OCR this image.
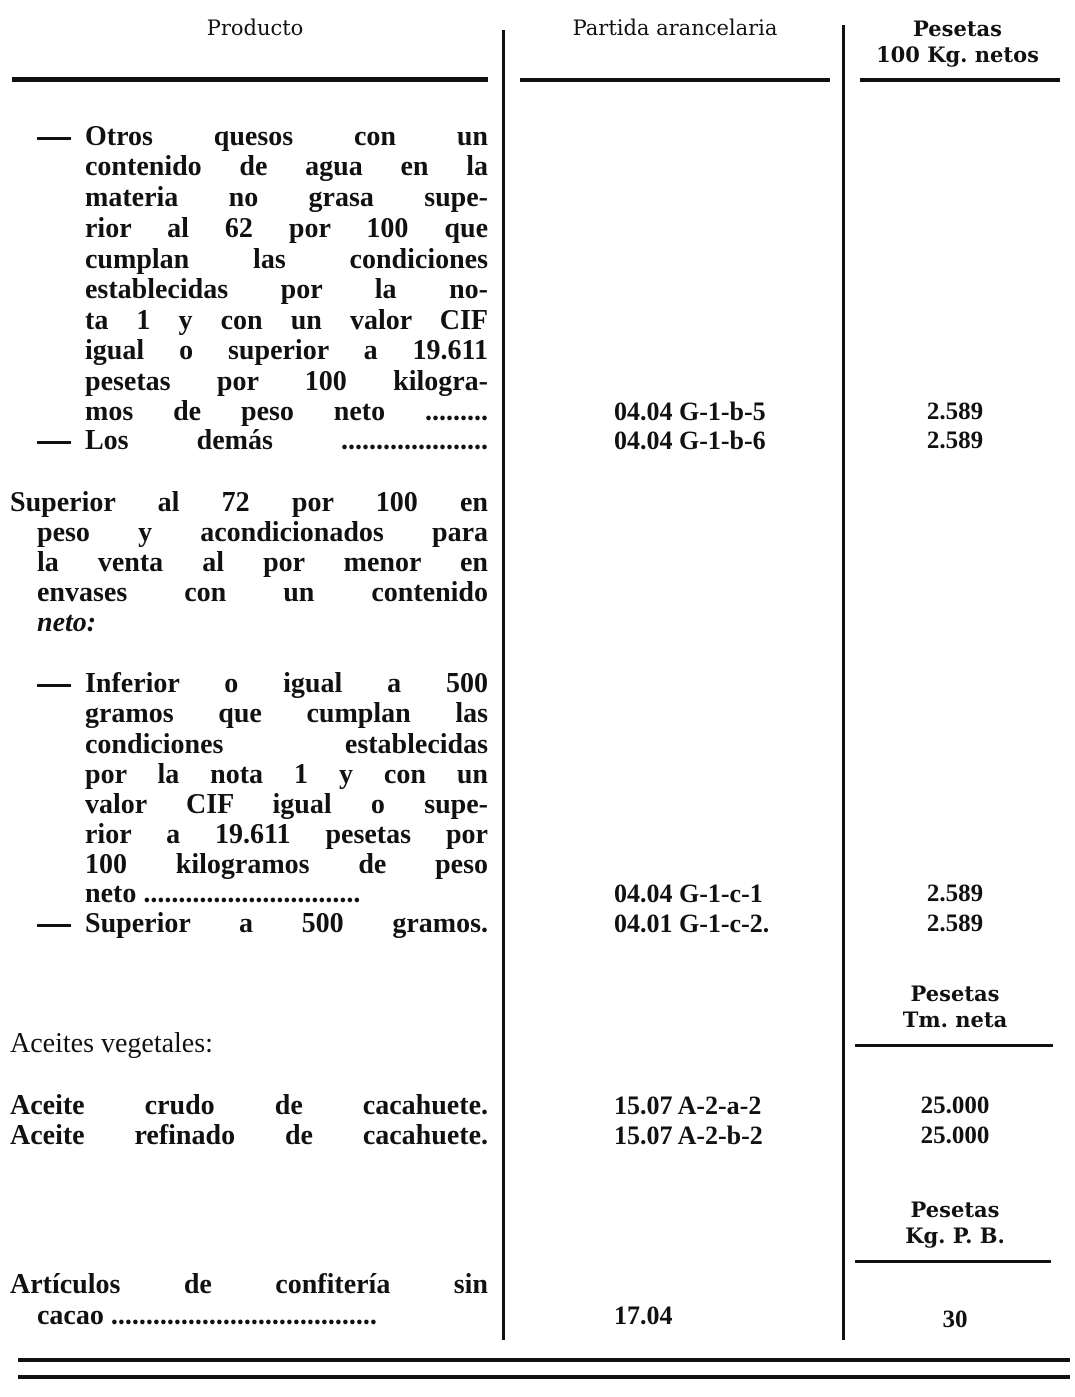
Producto	Partida arancelaria	Pesetas
100 Kg. netos
Otros quesos con un
contenido de agua en la
materia no grasa supe-
rior al 62 por 100 que
cumplan las condiciones
establecidas por la no-
ta 1 y con un valor CIF
igual o superior a 19.611
pesetas por 100 kilogra-
mos de peso neto .........	04.04 G-1-b-5	2.589
Los demás .....................	04.04 G-1-b-6	2.589
Superior al 72 por 100 en
peso y acondicionados para
la venta al por menor en
envases con un contenido
neto:
Inferior o igual a 500
gramos que cumplan las
condiciones establecidas
por la nota 1 y con un
valor CIF igual o supe-
rior a 19.611 pesetas por
100 kilogramos de peso
neto ...............................	04.04 G-1-c-1	2.589
Superior a 500 gramos.	04.01 G-1-c-2.	2.589
Pesetas
Tm. neta
Aceites vegetales:
Aceite crudo de cacahuete.	15.07 A-2-a-2	25.000
Aceite refinado de cacahuete.	15.07 A-2-b-2	25.000
Pesetas
Kg. P. B.
Artículos de confitería sin
cacao ......................................	17.04	30
